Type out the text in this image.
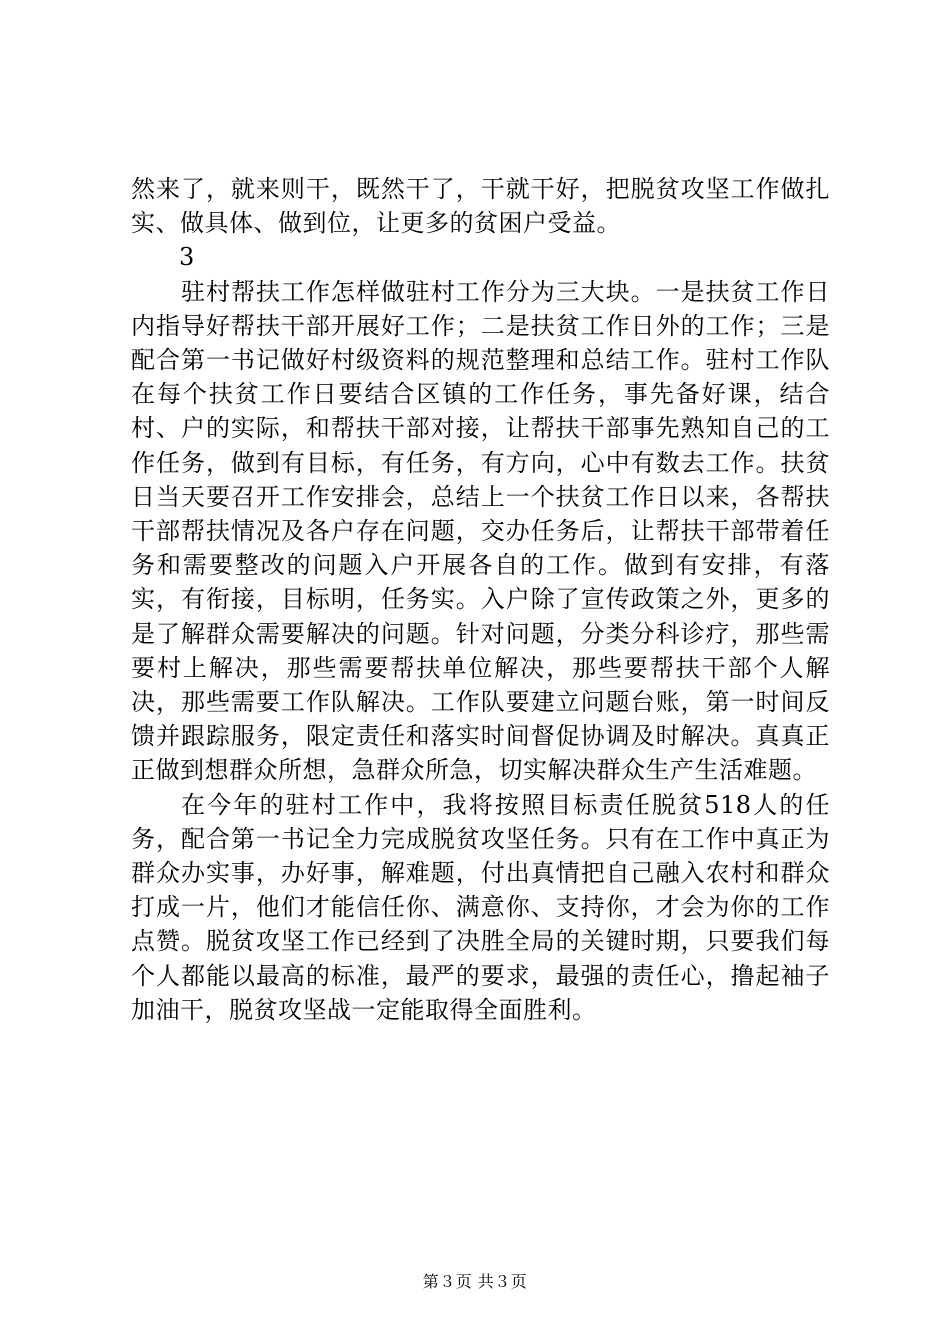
然来了，就来则干，既然干了，干就干好，把脱贫攻坚工作做扎实、做具体、做到位，让更多的贫困户受益。

3

驻村帮扶工作怎样做驻村工作分为三大块。一是扶贫工作日内指导好帮扶干部开展好工作；二是扶贫工作日外的工作；三是配合第一书记做好村级资料的规范整理和总结工作。驻村工作队在每个扶贫工作日要结合区镇的工作任务，事先备好课，结合村、户的实际，和帮扶干部对接，让帮扶干部事先熟知自己的工作任务，做到有目标，有任务，有方向，心中有数去工作。扶贫日当天要召开工作安排会，总结上一个扶贫工作日以来，各帮扶干部帮扶情况及各户存在问题，交办任务后，让帮扶干部带着任务和需要整改的问题入户开展各自的工作。做到有安排，有落实，有衔接，目标明，任务实。入户除了宣传政策之外，更多的是了解群众需要解决的问题。针对问题，分类分科诊疗，那些需要村上解决，那些需要帮扶单位解决，那些要帮扶干部个人解决，那些需要工作队解决。工作队要建立问题台账，第一时间反馈并跟踪服务，限定责任和落实时间督促协调及时解决。真真正正做到想群众所想，急群众所急，切实解决群众生产生活难题。

在今年的驻村工作中，我将按照目标责任脱贫518人的任务，配合第一书记全力完成脱贫攻坚任务。只有在工作中真正为群众办实事，办好事，解难题，付出真情把自己融入农村和群众打成一片，他们才能信任你、满意你、支持你，才会为你的工作点赞。脱贫攻坚工作已经到了决胜全局的关键时期，只要我们每个人都能以最高的标准，最严的要求，最强的责任心，撸起袖子加油干，脱贫攻坚战一定能取得全面胜利。

第３页 共３页
